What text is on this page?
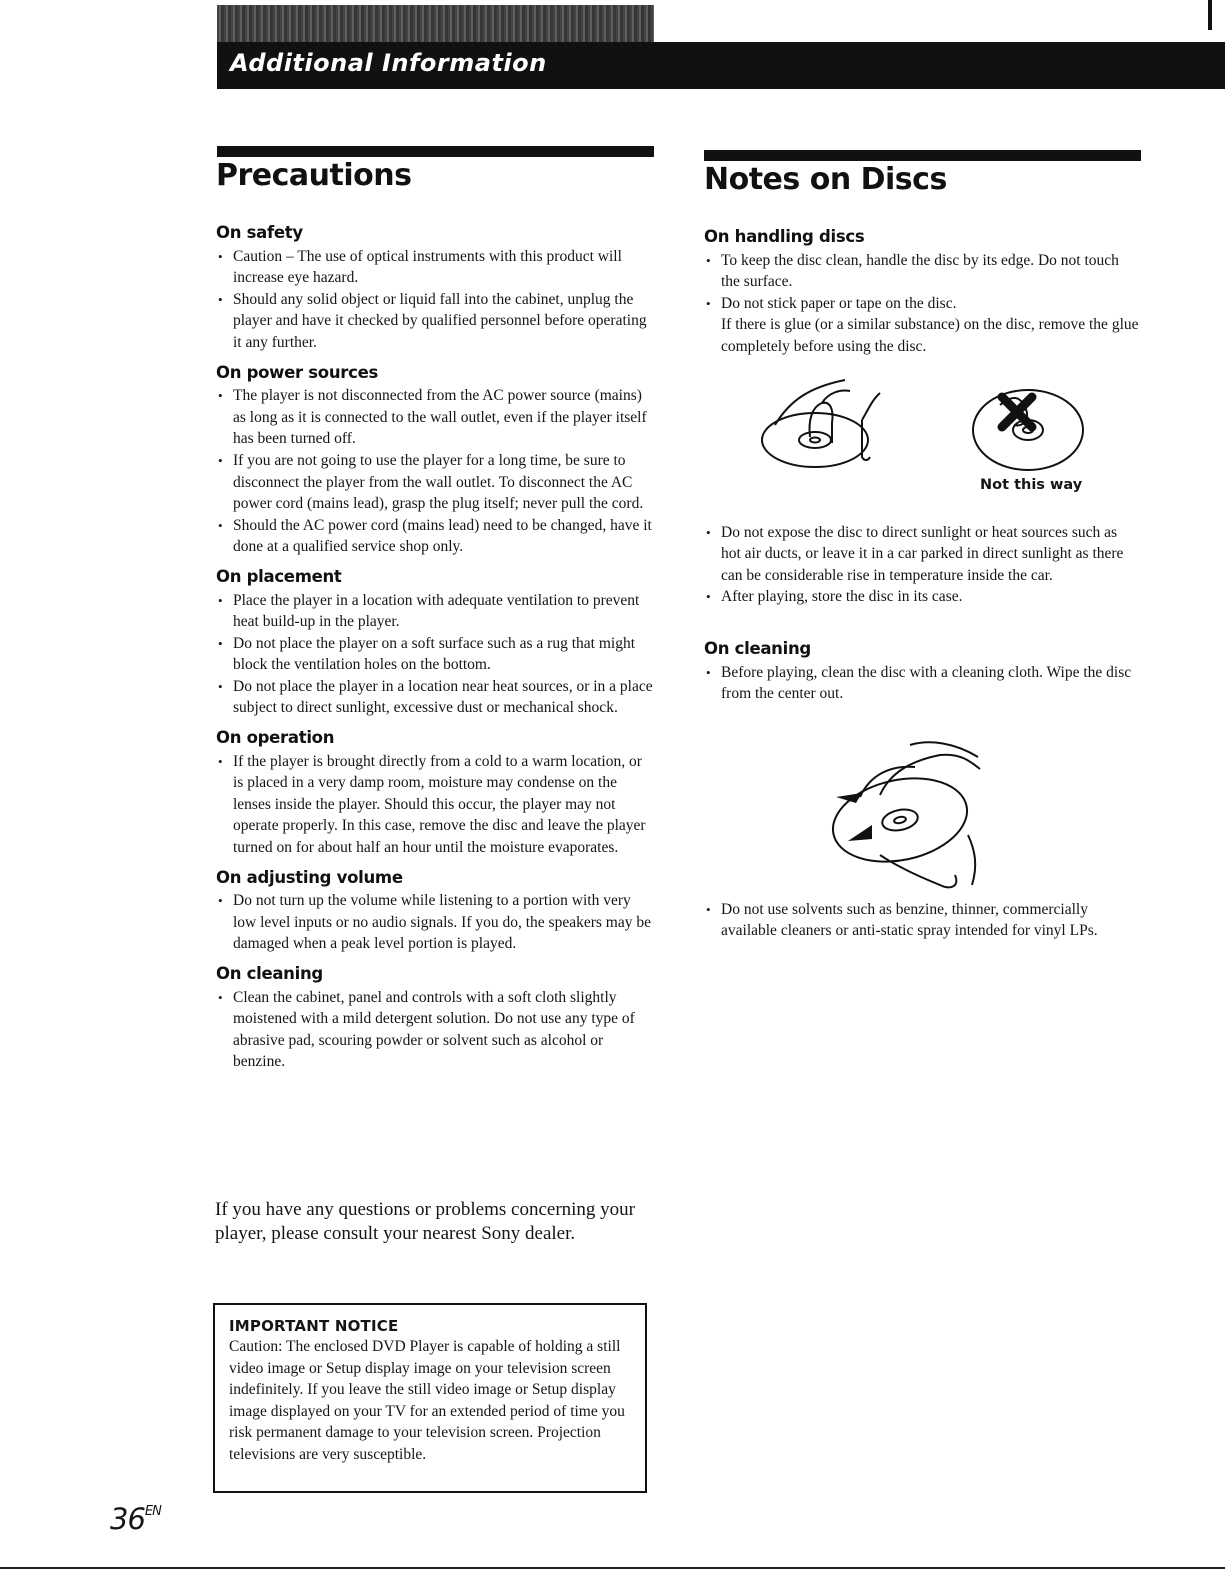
Additional Information
Precautions
On safety
• Caution – The use of optical instruments with this product will increase eye hazard.
• Should any solid object or liquid fall into the cabinet, unplug the player and have it checked by qualified personnel before operating it any further.
On power sources
• The player is not disconnected from the AC power source (mains) as long as it is connected to the wall outlet, even if the player itself has been turned off.
• If you are not going to use the player for a long time, be sure to disconnect the player from the wall outlet. To disconnect the AC power cord (mains lead), grasp the plug itself; never pull the cord.
• Should the AC power cord (mains lead) need to be changed, have it done at a qualified service shop only.
On placement
• Place the player in a location with adequate ventilation to prevent heat build-up in the player.
• Do not place the player on a soft surface such as a rug that might block the ventilation holes on the bottom.
• Do not place the player in a location near heat sources, or in a place subject to direct sunlight, excessive dust or mechanical shock.
On operation
• If the player is brought directly from a cold to a warm location, or is placed in a very damp room, moisture may condense on the lenses inside the player. Should this occur, the player may not operate properly. In this case, remove the disc and leave the player turned on for about half an hour until the moisture evaporates.
On adjusting volume
• Do not turn up the volume while listening to a portion with very low level inputs or no audio signals. If you do, the speakers may be damaged when a peak level portion is played.
On cleaning
• Clean the cabinet, panel and controls with a soft cloth slightly moistened with a mild detergent solution. Do not use any type of abrasive pad, scouring powder or solvent such as alcohol or benzine.
If you have any questions or problems concerning your player, please consult your nearest Sony dealer.
IMPORTANT NOTICE
Caution: The enclosed DVD Player is capable of holding a still video image or Setup display image on your television screen indefinitely. If you leave the still video image or Setup display image displayed on your TV for an extended period of time you risk permanent damage to your television screen. Projection televisions are very susceptible.
$36^{EN}$
Notes on Discs
On handling discs
• To keep the disc clean, handle the disc by its edge. Do not touch the surface.
• Do not stick paper or tape on the disc.
If there is glue (or a similar substance) on the disc, remove the glue completely before using the disc.
• Do not expose the disc to direct sunlight or heat sources such as hot air ducts, or leave it in a car parked in direct sunlight as there can be considerable rise in temperature inside the car.
• After playing, store the disc in its case.
On cleaning
• Before playing, clean the disc with a cleaning cloth. Wipe the disc from the center out.
• Do not use solvents such as benzine, thinner, commercially available cleaners or anti-static spray intended for vinyl LPs.
Not this way
